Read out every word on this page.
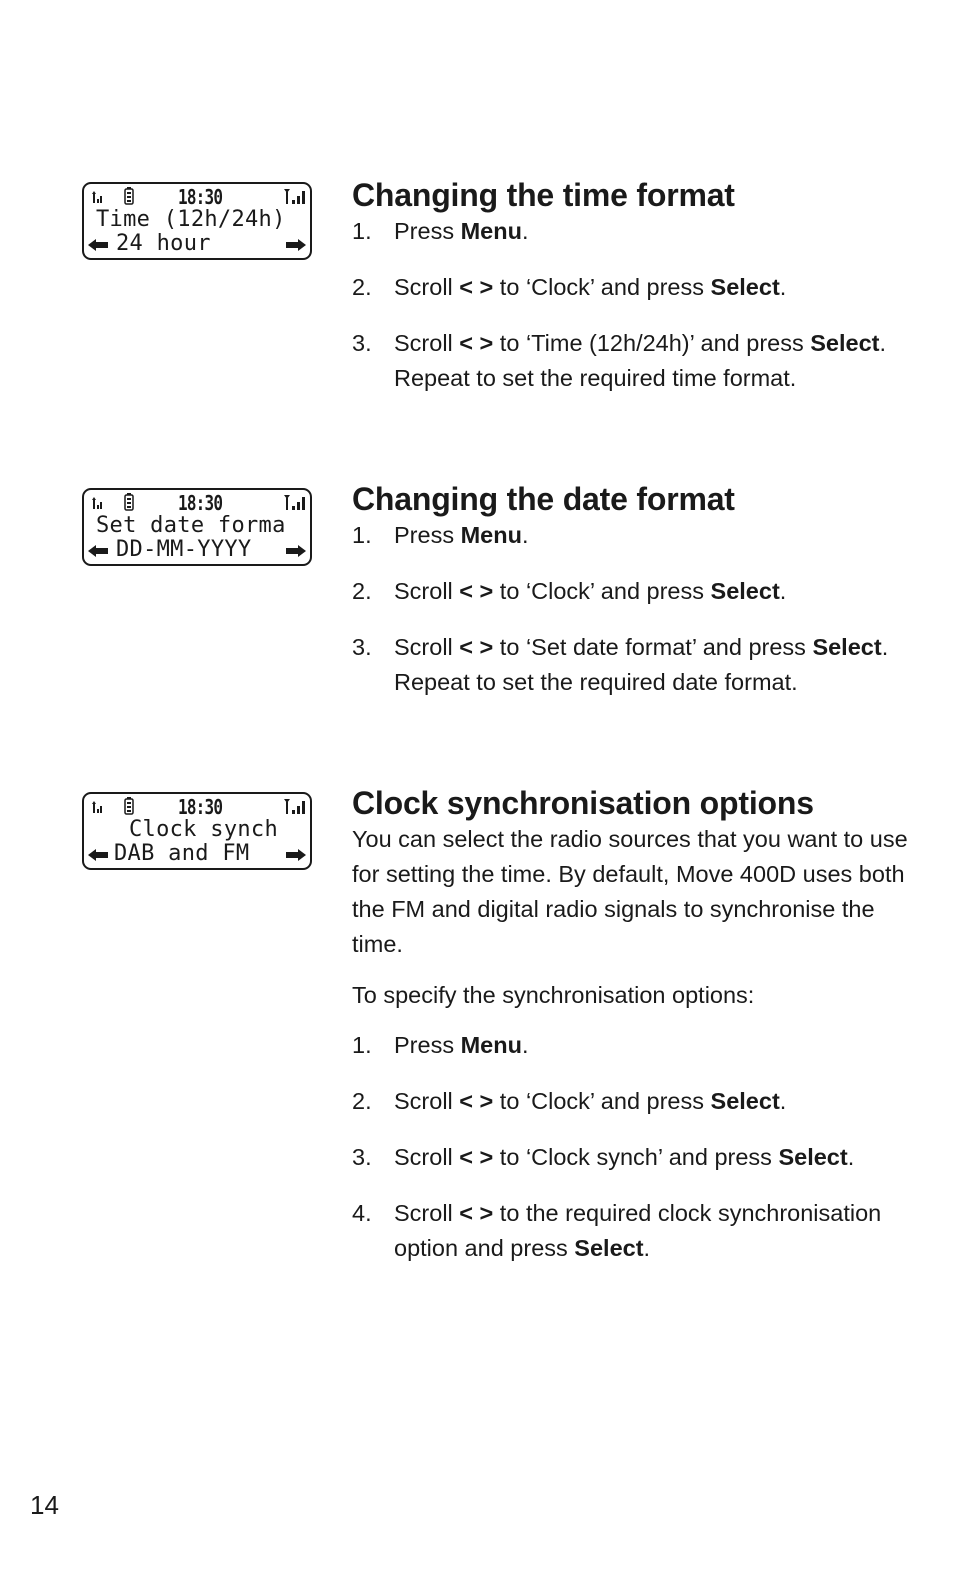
18:30
Time (12h/24h)
24 hour
18:30
Set date forma
DD-MM-YYYY
18:30
Clock synch
DAB and FM
Changing the time format
1. Press Menu.
2. Scroll < > to ‘Clock’ and press Select.
3. Scroll < > to ‘Time (12h/24h)’ and press Select. Repeat to set the required time format.
Changing the date format
1. Press Menu.
2. Scroll < > to ‘Clock’ and press Select.
3. Scroll < > to ‘Set date format’ and press Select. Repeat to set the required date format.
Clock synchronisation options

You can select the radio sources that you want to use for setting the time. By default, Move 400D uses both the FM and digital radio signals to synchronise the time.

To specify the synchronisation options:

1. Press Menu.
2. Scroll < > to ‘Clock’ and press Select.
3. Scroll < > to ‘Clock synch’ and press Select.
4. Scroll < > to the required clock synchronisation option and press Select.
14
